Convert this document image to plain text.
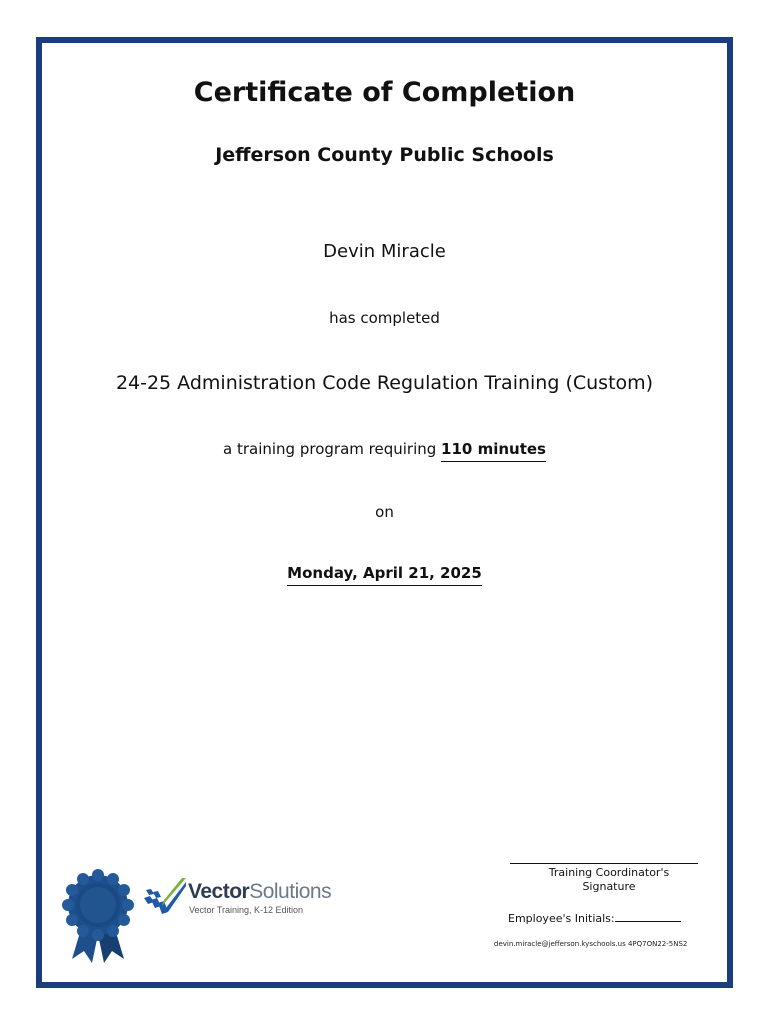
Certificate of Completion
Jefferson County Public Schools
Devin Miracle
has completed
24-25 Administration Code Regulation Training (Custom)
a training program requiring 110 minutes
on
Monday, April 21, 2025
VectorSolutions
Vector Training, K-12 Edition
Training Coordinator's
Signature
Employee's Initials:
devin.miracle@jefferson.kyschools.us 4PQ7ON22-5NS2
